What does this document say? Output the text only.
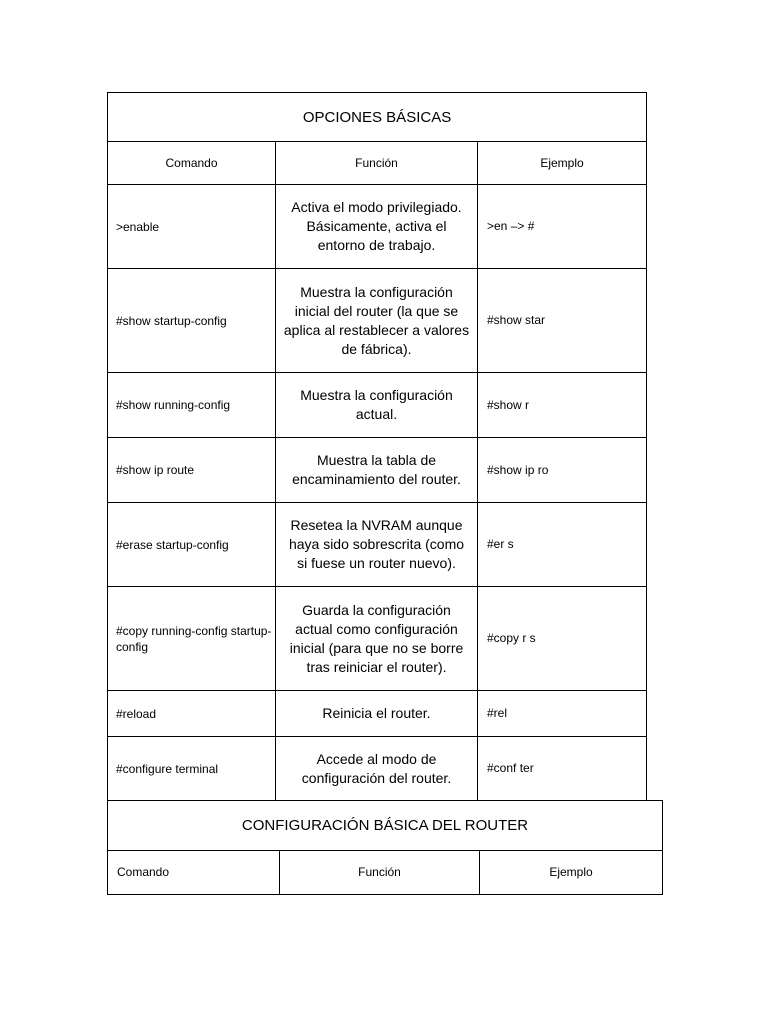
OPCIONES BÁSICAS		
Comando	Función	Ejemplo
>enable	Activa el modo privilegiado. Básicamente, activa el entorno de trabajo.	>en –> #
#show startup-config	Muestra la configuración inicial del router (la que se aplica al restablecer a valores de fábrica).	#show star
#show running-config	Muestra la configuración actual.	#show r
#show ip route	Muestra la tabla de encaminamiento del router.	#show ip ro
#erase startup-config	Resetea la NVRAM aunque haya sido sobrescrita (como si fuese un router nuevo).	#er s
#copy running-config startup-config	Guarda la configuración actual como configuración inicial (para que no se borre tras reiniciar el router).	#copy r s
#reload	Reinicia el router.	#rel
#configure terminal	Accede al modo de configuración del router.	#conf ter
CONFIGURACIÓN BÁSICA DEL ROUTER
Comando	Función	Ejemplo
